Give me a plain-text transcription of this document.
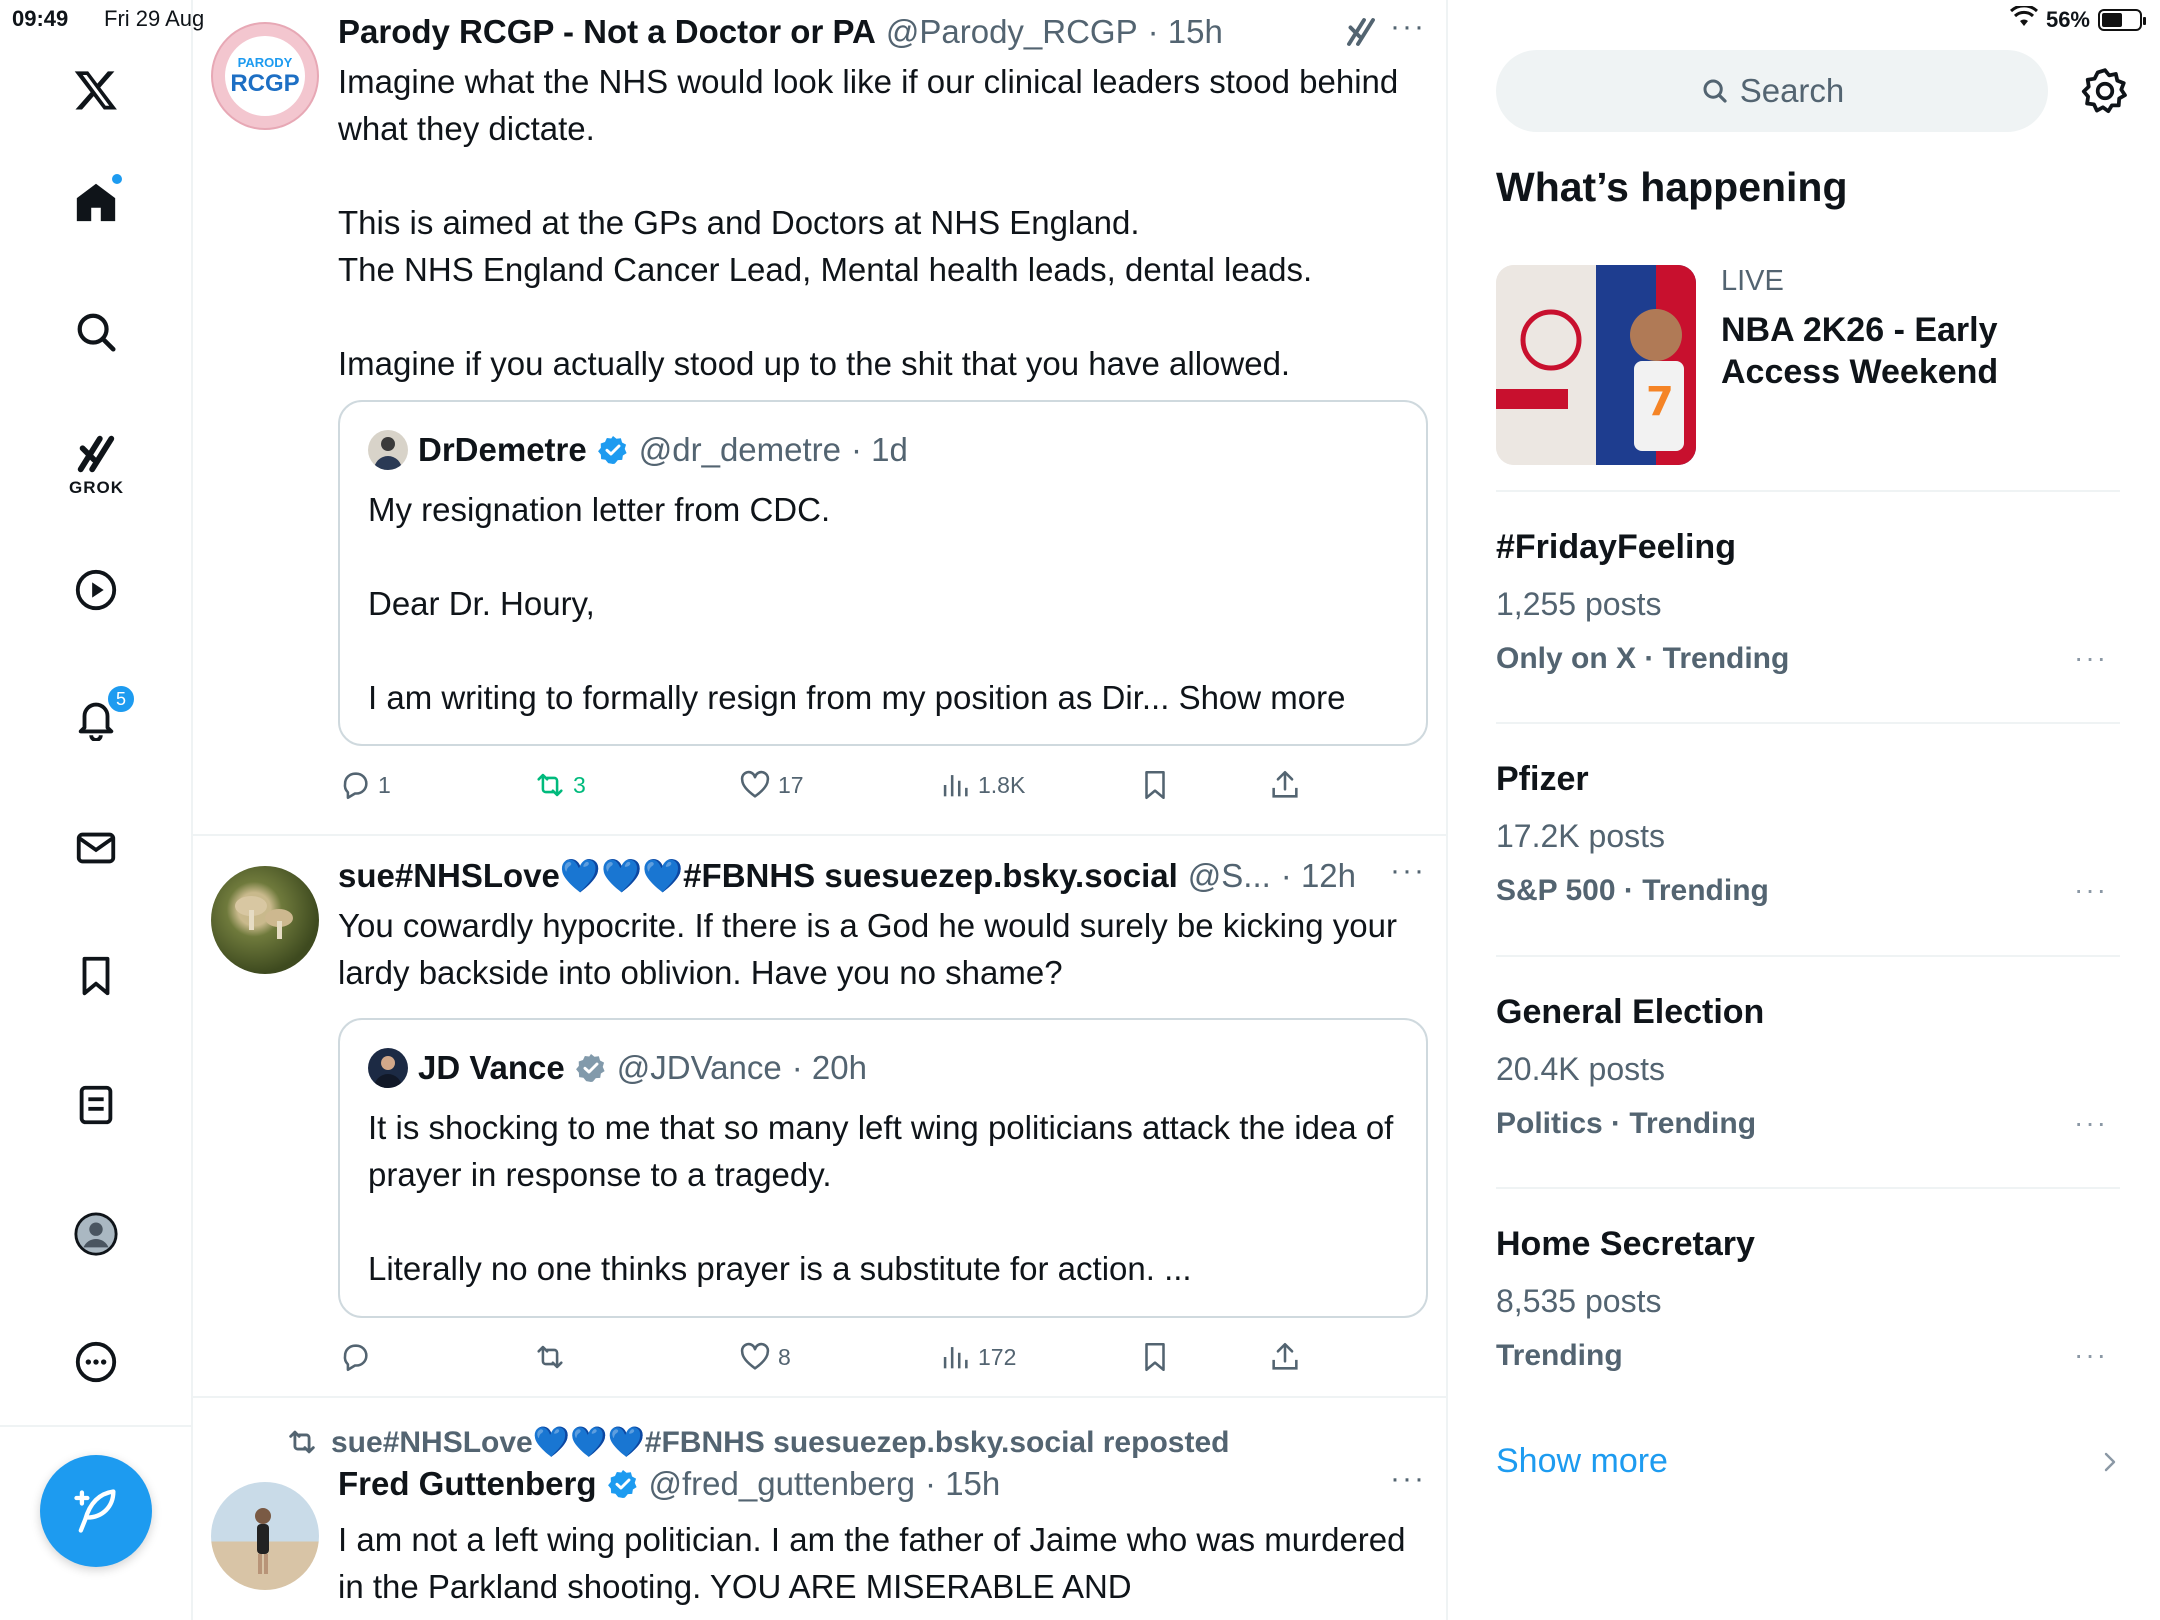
09:49 Fri 29 Aug	56%
GROK
5
PARODY
RCGP
Parody RCGP - Not a Doctor or PA @Parody_RCGP · 15h	···

Imagine what the NHS would look like if our clinical leaders stood behind what they dictate.

This is aimed at the GPs and Doctors at NHS England.

The NHS England Cancer Lead, Mental health leads, dental leads.

Imagine if you actually stood up to the shit that you have allowed.

DrDemetre @dr_demetre · 1d

My resignation letter from CDC.

Dear Dr. Houry,

I am writing to formally resign from my position as Dir... Show more

1	3	17	1.8K
sue#NHSLove💙💙💙#FBNHS suesuezep.bsky.social @S... · 12h ···

You cowardly hypocrite. If there is a God he would surely be kicking your lardy backside into oblivion. Have you no shame?

JD Vance @JDVance · 20h

It is shocking to me that so many left wing politicians attack the idea of prayer in response to a tragedy.

Literally no one thinks prayer is a substitute for action. ...

8	172
sue#NHSLove💙💙💙#FBNHS suesuezep.bsky.social reposted
Fred Guttenberg @fred_guttenberg · 15h	···

I am not a left wing politician. I am the father of Jaime who was murdered in the Parkland shooting. YOU ARE MISERABLE AND

Search
What’s happening
7
LIVE
NBA 2K26 - Early Access Weekend
#FridayFeeling
1,255 posts
Only on X · Trending	···
Pfizer
17.2K posts
S&P 500 · Trending	···
General Election
20.4K posts
Politics · Trending	···
Home Secretary
8,535 posts
Trending	···
Show more
